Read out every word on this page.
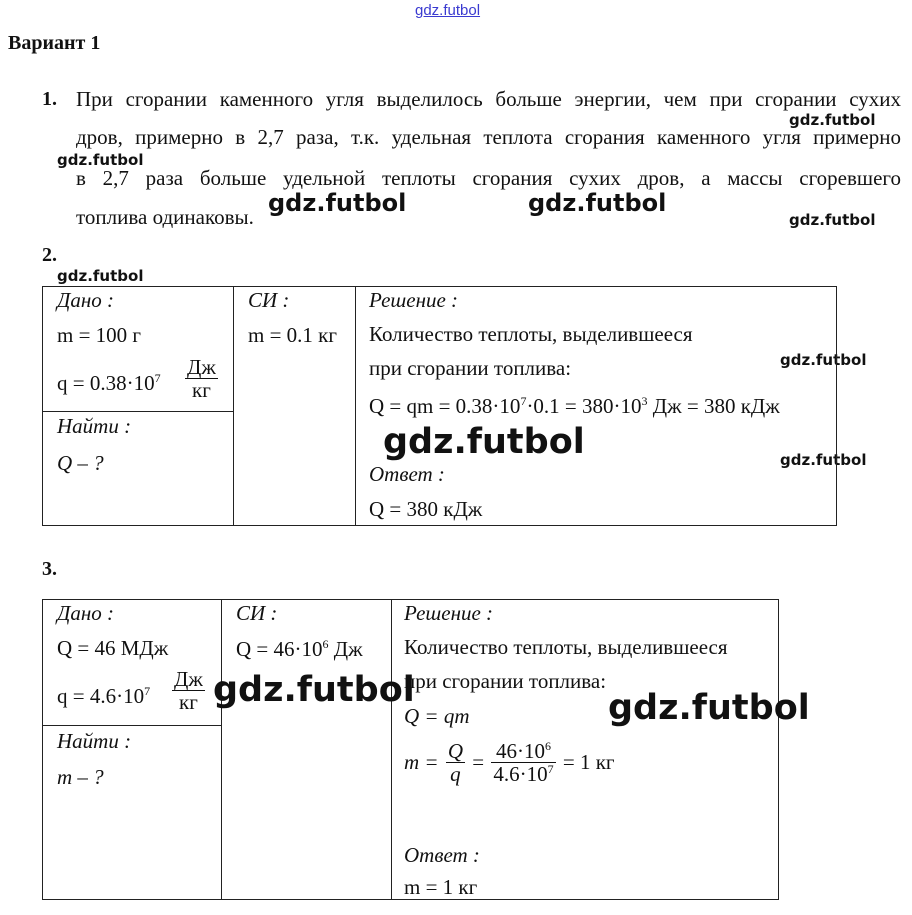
gdz.futbol
gdz.futbol
gdz.futbol
gdz.futbol	gdz.futbol
gdz.futbol
gdz.futbol
gdz.futbol
gdz.futbol
Вариант 1
1. При сгорании каменного угля выделилось больше энергии, чем при сгорании сухих
дров, примерно в 2,7 раза, т.к. удельная теплота сгорания каменного угля примерно
в 2,7 раза больше удельной теплоты сгорания сухих дров, а массы сгоревшего
топлива одинаковы.
2.
Дано :
m = 100 г
$q = 0.38\cdot 10^7 \frac{Дж}{кг}$
Найти :
Q – ?
СИ :
m = 0.1 кг
Решение :
Количество теплоты, выделившееся
при сгорании топлива:
Q = qm = $0.38\cdot 10^7\cdot 0.1 = 380\cdot 10^3$ Дж = 380 кДж
gdz.futbol
Ответ :
Q = 380 кДж
3.
Дано :
Q = 46 МДж
$q = 4.6\cdot 10^7 \frac{Дж}{кг}$ gdz.futbol
Найти :
m – ?
СИ :
$Q = 46\cdot 10^6$ Дж
Решение :
Количество теплоты, выделившееся
при сгорании топлива:
Q = qm	gdz.futbol
$m = \frac{Q}{q} = \frac{46\cdot 10^6}{4.6\cdot 10^7} = 1$ кг
Ответ :
m = 1 кг
